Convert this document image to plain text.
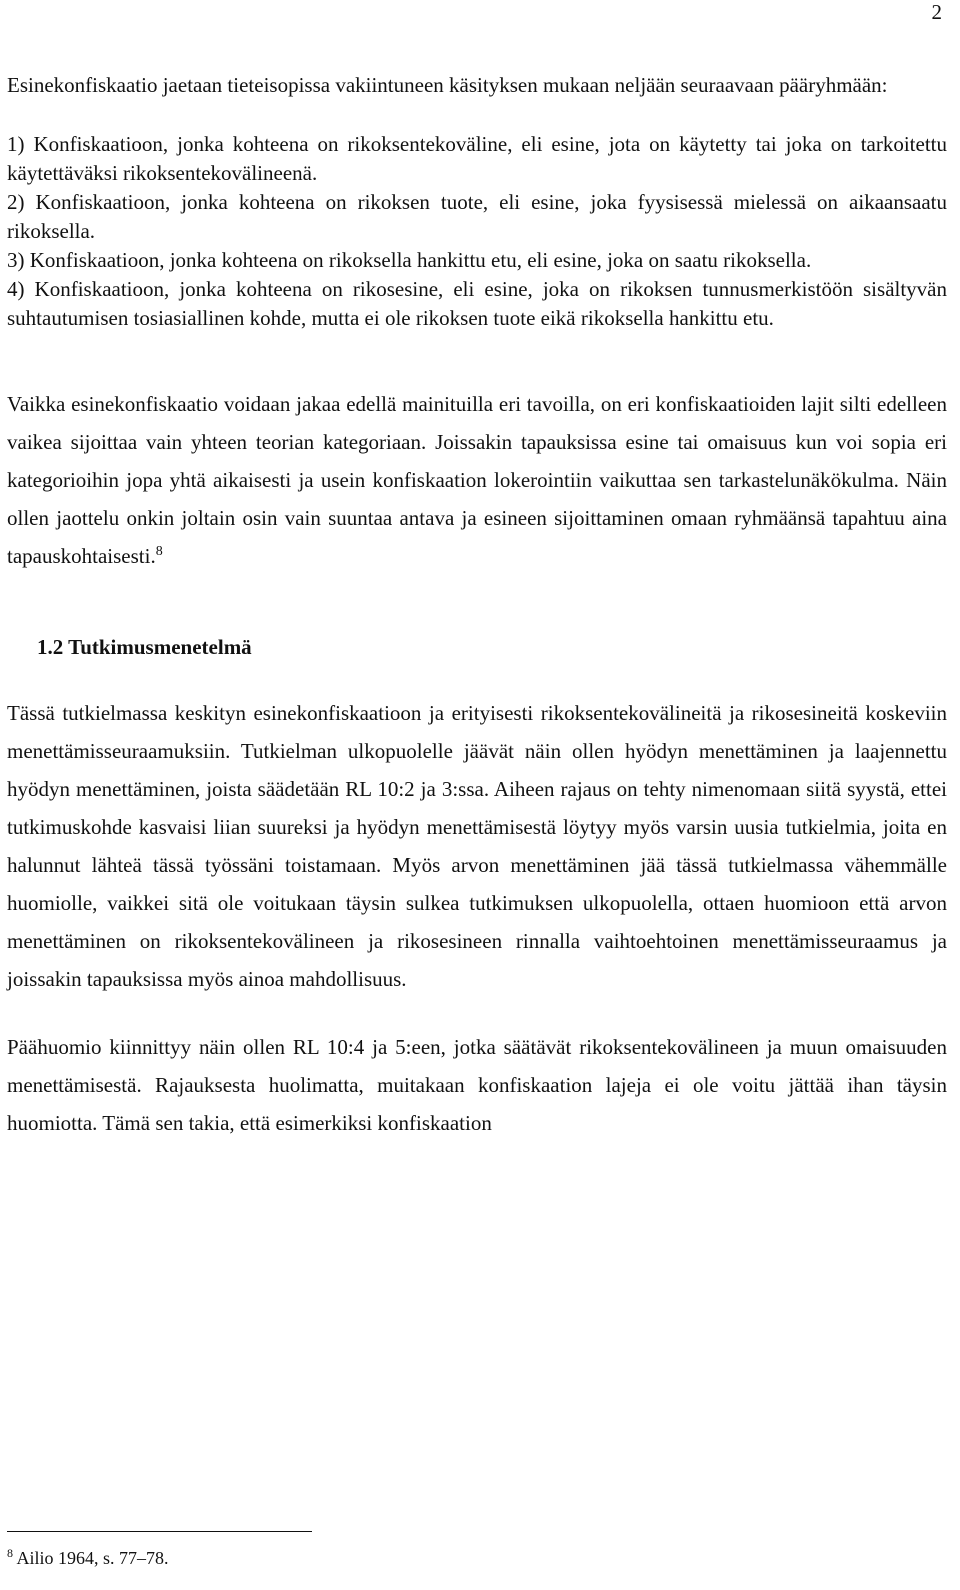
2

Esinekonfiskaatio jaetaan tieteisopissa vakiintuneen käsityksen mukaan neljään seuraavaan pääryhmään:

1) Konfiskaatioon, jonka kohteena on rikoksentekoväline, eli esine, jota on käytetty tai joka on tarkoitettu käytettäväksi rikoksentekovälineenä.
2) Konfiskaatioon, jonka kohteena on rikoksen tuote, eli esine, joka fyysisessä mielessä on aikaansaatu rikoksella.
3) Konfiskaatioon, jonka kohteena on rikoksella hankittu etu, eli esine, joka on saatu rikoksella.
4) Konfiskaatioon, jonka kohteena on rikosesine, eli esine, joka on rikoksen tunnusmerkistöön sisältyvän suhtautumisen tosiasiallinen kohde, mutta ei ole rikoksen tuote eikä rikoksella hankittu etu.

Vaikka esinekonfiskaatio voidaan jakaa edellä mainituilla eri tavoilla, on eri konfiskaatioiden lajit silti edelleen vaikea sijoittaa vain yhteen teorian kategoriaan. Joissakin tapauksissa esine tai omaisuus kun voi sopia eri kategorioihin jopa yhtä aikaisesti ja usein konfiskaation lokerointiin vaikuttaa sen tarkastelunäkökulma. Näin ollen jaottelu onkin joltain osin vain suuntaa antava ja esineen sijoittaminen omaan ryhmäänsä tapahtuu aina tapauskohtaisesti.$^8$

1.2 Tutkimusmenetelmä

Tässä tutkielmassa keskityn esinekonfiskaatioon ja erityisesti rikoksentekovälineitä ja rikosesineitä koskeviin menettämisseuraamuksiin. Tutkielman ulkopuolelle jäävät näin ollen hyödyn menettäminen ja laajennettu hyödyn menettäminen, joista säädetään RL 10:2 ja 3:ssa. Aiheen rajaus on tehty nimenomaan siitä syystä, ettei tutkimuskohde kasvaisi liian suureksi ja hyödyn menettämisestä löytyy myös varsin uusia tutkielmia, joita en halunnut lähteä tässä työssäni toistamaan. Myös arvon menettäminen jää tässä tutkielmassa vähemmälle huomiolle, vaikkei sitä ole voitukaan täysin sulkea tutkimuksen ulkopuolella, ottaen huomioon että arvon menettäminen on rikoksentekovälineen ja rikosesineen rinnalla vaihtoehtoinen menettämisseuraamus ja joissakin tapauksissa myös ainoa mahdollisuus.

Päähuomio kiinnittyy näin ollen RL 10:4 ja 5:een, jotka säätävät rikoksentekovälineen ja muun omaisuuden menettämisestä. Rajauksesta huolimatta, muitakaan konfiskaation lajeja ei ole voitu jättää ihan täysin huomiotta. Tämä sen takia, että esimerkiksi konfiskaation

$^8$ Ailio 1964, s. 77–78.
